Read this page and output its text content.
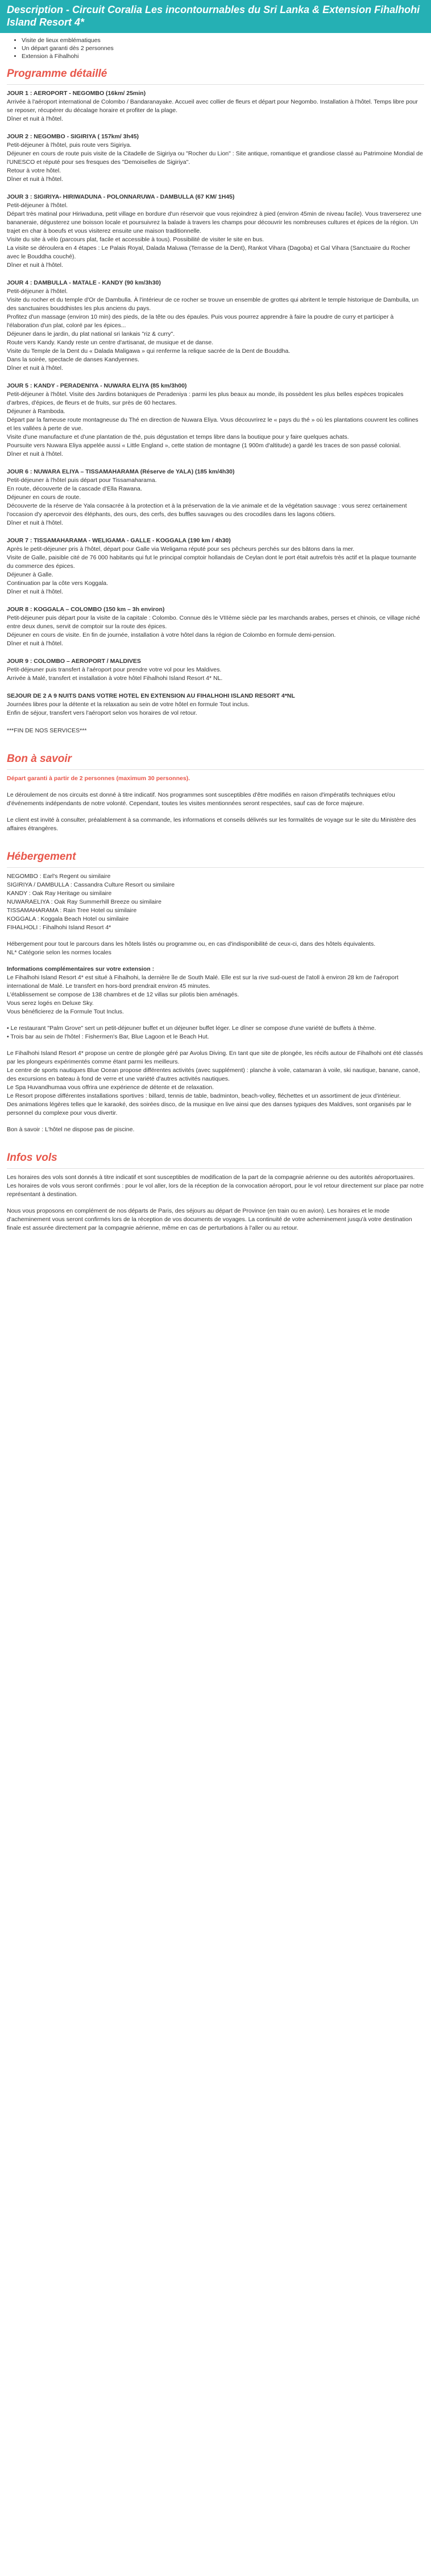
Description - Circuit Coralia Les incontournables du Sri Lanka & Extension Fihalhohi Island Resort 4*
• Visite de lieux emblématiques
• Un départ garanti dès 2 personnes
• Extension à Fihalhohi
Programme détaillé

JOUR 1 : AEROPORT - NEGOMBO (16km/ 25min)

Arrivée à l'aéroport international de Colombo / Bandaranayake. Accueil avec collier de fleurs et départ pour Negombo. Installation à l'hôtel. Temps libre pour se reposer, récupérer du décalage horaire et profiter de la plage.

Dîner et nuit à l'hôtel.

JOUR 2 : NEGOMBO - SIGIRIYA ( 157km/ 3h45)

Petit-déjeuner à l'hôtel, puis route vers Sigiriya.

Déjeuner en cours de route puis visite de la Citadelle de Sigiriya ou "Rocher du Lion" : Site antique, romantique et grandiose classé au Patrimoine Mondial de l'UNESCO et réputé pour ses fresques des "Demoiselles de Sigiriya".

Retour à votre hôtel.

Dîner et nuit à l'hôtel.

JOUR 3 : SIGIRIYA- HIRIWADUNA - POLONNARUWA - DAMBULLA (67 KM/ 1H45)

Petit-déjeuner à l'hôtel.

Départ très matinal pour Hiriwaduna, petit village en bordure d'un réservoir que vous rejoindrez à pied (environ 45min de niveau facile). Vous traverserez une bananeraie, dégusterez une boisson locale et poursuivrez la balade à travers les champs pour découvrir les nombreuses cultures et épices de la région. Un trajet en char à boeufs et vous visiterez ensuite une maison traditionnelle.

Visite du site à vélo (parcours plat, facile et accessible à tous). Possibilité de visiter le site en bus.

La visite se déroulera en 4 étapes : Le Palais Royal, Dalada Maluwa (Terrasse de la Dent), Rankot Vihara (Dagoba) et Gal Vihara (Sanctuaire du Rocher avec le Bouddha couché).

Dîner et nuit à l'hôtel.

JOUR 4 : DAMBULLA - MATALE - KANDY (90 km/3h30)

Petit-déjeuner à l'hôtel.

Visite du rocher et du temple d'Or de Dambulla. À l'intérieur de ce rocher se trouve un ensemble de grottes qui abritent le temple historique de Dambulla, un des sanctuaires bouddhistes les plus anciens du pays.

Profitez d'un massage (environ 10 min) des pieds, de la tête ou des épaules. Puis vous pourrez apprendre à faire la poudre de curry et participer à l'élaboration d'un plat, coloré par les épices...

Déjeuner dans le jardin, du plat national sri lankais "riz & curry".

Route vers Kandy. Kandy reste un centre d'artisanat, de musique et de danse.

Visite du Temple de la Dent du « Dalada Maligawa » qui renferme la relique sacrée de la Dent de Bouddha.

Dans la soirée, spectacle de danses Kandyennes.

Dîner et nuit à l'hôtel.

JOUR 5 : KANDY - PERADENIYA - NUWARA ELIYA (85 km/3h00)

Petit-déjeuner à l'hôtel. Visite des Jardins botaniques de Peradeniya : parmi les plus beaux au monde, ils possèdent les plus belles espèces tropicales d'arbres, d'épices, de fleurs et de fruits, sur près de 60 hectares.

Déjeuner à Ramboda.

Départ par la fameuse route montagneuse du Thé en direction de Nuwara Eliya. Vous découvrirez le « pays du thé » où les plantations couvrent les collines et les vallées à perte de vue.

Visite d'une manufacture et d'une plantation de thé, puis dégustation et temps libre dans la boutique pour y faire quelques achats.

Poursuite vers Nuwara Eliya appelée aussi « Little England », cette station de montagne (1 900m d'altitude) a gardé les traces de son passé colonial.

Dîner et nuit à l'hôtel.

JOUR 6 : NUWARA ELIYA – TISSAMAHARAMA (Réserve de YALA) (185 km/4h30)

Petit-déjeuner à l'hôtel puis départ pour Tissamaharama.

En route, découverte de la cascade d'Ella Rawana.

Déjeuner en cours de route.

Découverte de la réserve de Yala consacrée à la protection et à la préservation de la vie animale et de la végétation sauvage : vous serez certainement l'occasion d'y apercevoir des éléphants, des ours, des cerfs, des buffles sauvages ou des crocodiles dans les lagons côtiers.

Dîner et nuit à l'hôtel.

JOUR 7 : TISSAMAHARAMA - WELIGAMA - GALLE - KOGGALA (190 km / 4h30)

Après le petit-déjeuner pris à l'hôtel, départ pour Galle via Weligama réputé pour ses pêcheurs perchés sur des bâtons dans la mer.

Visite de Galle, paisible cité de 76 000 habitants qui fut le principal comptoir hollandais de Ceylan dont le port était autrefois très actif et la plaque tournante du commerce des épices.

Déjeuner à Galle.

Continuation par la côte vers Koggala.

Dîner et nuit à l'hôtel.

JOUR 8 : KOGGALA – COLOMBO (150 km – 3h environ)

Petit-déjeuner puis départ pour la visite de la capitale : Colombo. Connue dès le VIIIème siècle par les marchands arabes, perses et chinois, ce village niché entre deux dunes, servit de comptoir sur la route des épices.

Déjeuner en cours de visite. En fin de journée, installation à votre hôtel dans la région de Colombo en formule demi-pension.

Dîner et nuit à l'hôtel.

JOUR 9 : COLOMBO – AEROPORT / MALDIVES

Petit-déjeuner puis transfert à l'aéroport pour prendre votre vol pour les Maldives.

Arrivée à Malé, transfert et installation à votre hôtel Fihalhohi Island Resort 4* NL.

SEJOUR DE 2 A 9 NUITS DANS VOTRE HOTEL EN EXTENSION AU FIHALHOHI ISLAND RESORT 4*NL

Journées libres pour la détente et la relaxation au sein de votre hôtel en formule Tout inclus.

Enfin de séjour, transfert vers l'aéroport selon vos horaires de vol retour.

***FIN DE NOS SERVICES***

Bon à savoir

Départ garanti à partir de 2 personnes (maximum 30 personnes).

Le déroulement de nos circuits est donné à titre indicatif. Nos programmes sont susceptibles d'être modifiés en raison d'impératifs techniques et/ou d'événements indépendants de notre volonté. Cependant, toutes les visites mentionnées seront respectées, sauf cas de force majeure.

Le client est invité à consulter, préalablement à sa commande, les informations et conseils délivrés sur les formalités de voyage sur le site du Ministère des affaires étrangères.

Hébergement

NEGOMBO : Earl's Regent ou similaire

SIGIRIYA / DAMBULLA : Cassandra Culture Resort ou similaire

KANDY : Oak Ray Heritage ou similaire

NUWARAELIYA : Oak Ray Summerhill Breeze ou similaire

TISSAMAHARAMA : Rain Tree Hotel ou similaire

KOGGALA : Koggala Beach Hotel ou similaire

FIHALHOLI : Fihalhohi Island Resort 4*

Hébergement pour tout le parcours dans les hôtels listés ou programme ou, en cas d'indisponibilité de ceux-ci, dans des hôtels équivalents.

NL* Catégorie selon les normes locales

Informations complémentaires sur votre extension :

Le Fihalhohi Island Resort 4* est situé à Fihalhohi, la dernière île de South Malé. Elle est sur la rive sud-ouest de l'atoll à environ 28 km de l'aéroport international de Malé. Le transfert en hors-bord prendrait environ 45 minutes.

L'établissement se compose de 138 chambres et de 12 villas sur pilotis bien aménagés.

Vous serez logés en Deluxe Sky.

Vous bénéficierez de la Formule Tout Inclus.

• Le restaurant "Palm Grove" sert un petit-déjeuner buffet et un déjeuner buffet léger. Le dîner se compose d'une variété de buffets à thème.

• Trois bar au sein de l'hôtel : Fishermen's Bar, Blue Lagoon et le Beach Hut.

Le Fihalhohi Island Resort 4* propose un centre de plongée géré par Avolus Diving. En tant que site de plongée, les récifs autour de Fihalhohi ont été classés par les plongeurs expérimentés comme étant parmi les meilleurs.

Le centre de sports nautiques Blue Ocean propose différentes activités (avec supplément) : planche à voile, catamaran à voile, ski nautique, banane, canoë, des excursions en bateau à fond de verre et une variété d'autres activités nautiques.

Le Spa Huvandhumaa vous offrira une expérience de détente et de relaxation.

Le Resort propose différentes installations sportives : billard, tennis de table, badminton, beach-volley, fléchettes et un assortiment de jeux d'intérieur.

Des animations légères telles que le karaoké, des soirées disco, de la musique en live ainsi que des danses typiques des Maldives, sont organisés par le personnel du complexe pour vous divertir.

Bon à savoir : L'hôtel ne dispose pas de piscine.

Infos vols

Les horaires des vols sont donnés à titre indicatif et sont susceptibles de modification de la part de la compagnie aérienne ou des autorités aéroportuaires.

Les horaires de vols vous seront confirmés : pour le vol aller, lors de la réception de la convocation aéroport, pour le vol retour directement sur place par notre représentant à destination.

Nous vous proposons en complément de nos départs de Paris, des séjours au départ de Province (en train ou en avion). Les horaires et le mode d'acheminement vous seront confirmés lors de la réception de vos documents de voyages. La continuité de votre acheminement jusqu'à votre destination finale est assurée directement par la compagnie aérienne, même en cas de perturbations à l'aller ou au retour.
